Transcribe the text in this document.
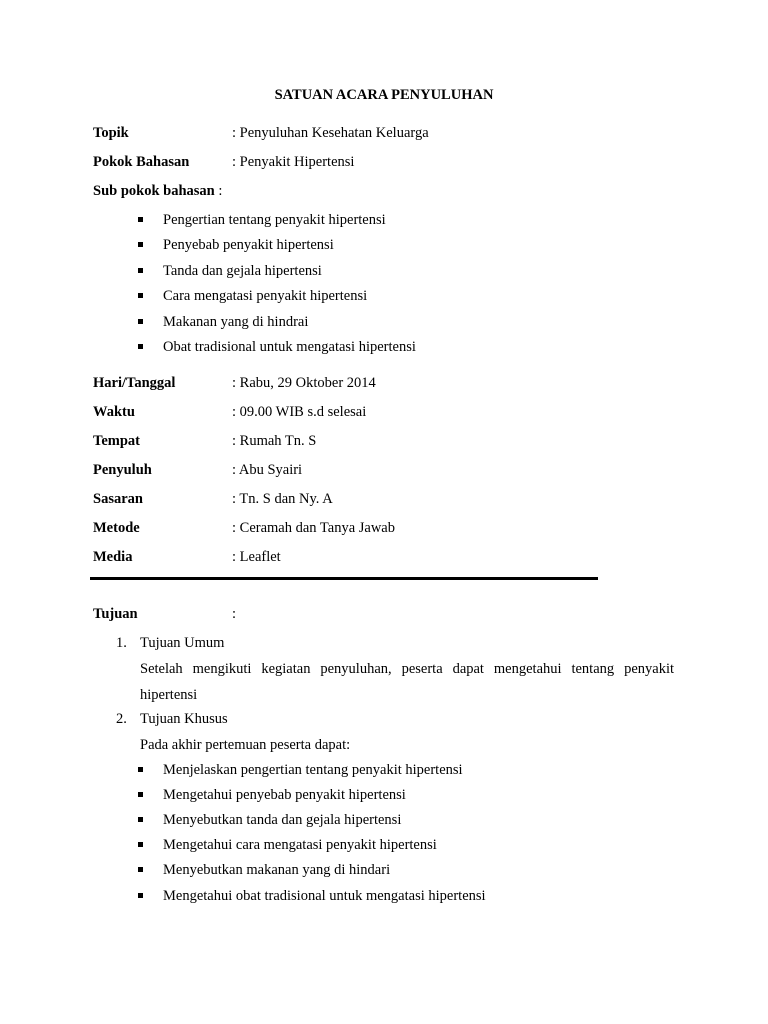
SATUAN ACARA PENYULUHAN
Topik	: Penyuluhan Kesehatan Keluarga
Pokok Bahasan	: Penyakit Hipertensi
Sub pokok bahasan :
Pengertian tentang penyakit hipertensi
Penyebab penyakit hipertensi
Tanda dan gejala hipertensi
Cara mengatasi penyakit hipertensi
Makanan yang di hindrai
Obat tradisional untuk mengatasi hipertensi
Hari/Tanggal	: Rabu, 29 Oktober 2014
Waktu	: 09.00 WIB s.d selesai
Tempat	: Rumah Tn. S
Penyuluh	: Abu Syairi
Sasaran	: Tn. S dan Ny. A
Metode	: Ceramah dan Tanya Jawab
Media	: Leaflet
Tujuan	:
1. Tujuan Umum
Setelah mengikuti kegiatan penyuluhan, peserta dapat mengetahui tentang penyakit hipertensi
2. Tujuan Khusus
Pada akhir pertemuan peserta dapat:
Menjelaskan pengertian tentang penyakit hipertensi
Mengetahui penyebab penyakit hipertensi
Menyebutkan tanda dan gejala hipertensi
Mengetahui cara mengatasi penyakit hipertensi
Menyebutkan makanan yang di hindari
Mengetahui obat tradisional untuk mengatasi hipertensi
